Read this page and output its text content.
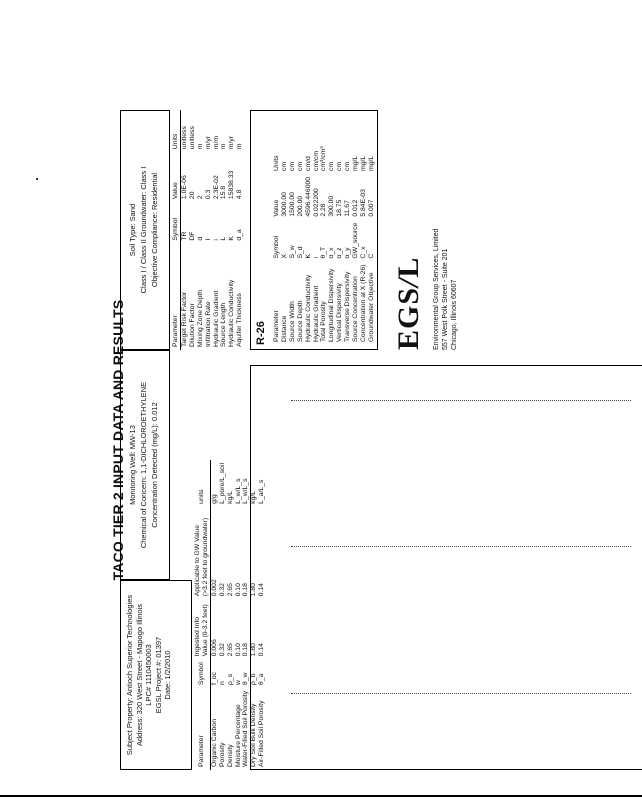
TACO TIER 2 INPUT DATA AND RESULTS
Subject Property: Antioch Superior Technologies Address: 320 West Street - Mapogo Illinois LPC# 1110450003 EGSL Project #: 01397 Date: 1/2/2010
Monitoring Well: MW-13 Chemical of Concern: 1,1-DICHLOROETHYLENE Concentration Detected (mg/L): 0.012
Soil Type: Sand Class I / Class II Groundwater: Class I Objective Compliance: Residential
Parameter	Symbol	Ingested Info Value (0-3.2 feet)	Applicable to GW Value (>3.2 feet to groundwater)	units
Organic Carbon	f_oc	0.006	0.002	g/g
Porosity	n	0.32	0.32	L_pore/L_soil
Density	ρ_s	2.65	2.65	kg/L
Moisture Percentage	w	0.10	0.10	L_w/L_s
Water-Filled Soil Porosity	θ_w	0.18	0.18	L_w/L_s
Dry Soil Bulk Density	ρ_b	1.80	1.80	kg/L
Air-Filled Soil Porosity	θ_a	0.14	0.14	L_a/L_s
Parameter	Symbol	Value	Units
Target Risk Factor	TR	1.0E-06	unitless
Dilution Factor	DF	20	unitless
Mixing Zone Depth	d	2	m
Infiltration Rate	I	0.3	m/yr
Hydraulic Gradient	i	2.3E-02	m/m
Source Length	L	15.8	m
Hydraulic Conductivity	K	15838.33	m/yr
Aquifer Thickness	d_a	4.8	m
R-26 Parameter	Symbol	Value	Units
Distance	X	3000.00	cm
Source Width	S_w	1500.00	cm
Source Depth	S_d	200.00	cm
Hydraulic Conductivity	K	4596.446000	cm/d
Hydraulic Gradient	i	0.022200	cm/cm
Total Porosity	θ_T	2.28	cm³/cm³
Longitudinal Dispersivity	α_x	300.00	cm
Vertical Dispersivity	α_z	18.75	cm
Transverse Dispersivity	α_y	11.67	cm
Source Concentration	GW_source	0.012	mg/L
Concentration at X (R-26)	C_x	5.84E-03	mg/L
Groundwater Objective	C	0.007	mg/L
EGS/L Environmental Group Services, Limited 557 West Polk Street - Suite 201 Chicago, Illinois 60607
